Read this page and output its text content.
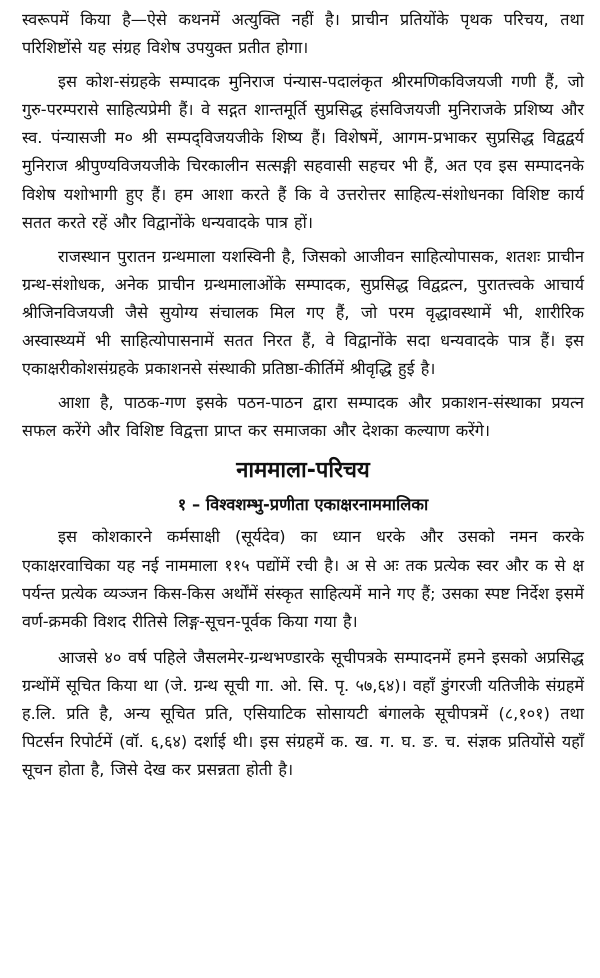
स्वरूपमें किया है—ऐसे कथनमें अत्युक्ति नहीं है। प्राचीन प्रतियोंके पृथक परिचय, तथा परिशिष्टोंसे यह संग्रह विशेष उपयुक्त प्रतीत होगा।

इस कोश-संग्रहके सम्पादक मुनिराज पंन्यास-पदालंकृत श्रीरमणिकविजयजी गणी हैं, जो गुरु-परम्परासे साहित्यप्रेमी हैं। वे सद्गत शान्तमूर्ति सुप्रसिद्ध हंसविजयजी मुनिराजके प्रशिष्य और स्व. पंन्यासजी म० श्री सम्पद्‌विजयजीके शिष्य हैं। विशेषमें, आगम-प्रभाकर सुप्रसिद्ध विद्वद्वर्य मुनिराज श्रीपुण्यविजयजीके चिरकालीन सत्सङ्गी सहवासी सहचर भी हैं, अत एव इस सम्पादनके विशेष यशोभागी हुए हैं। हम आशा करते हैं कि वे उत्तरोत्तर साहित्य-संशोधनका विशिष्ट कार्य सतत करते रहें और विद्वानोंके धन्यवादके पात्र हों।

राजस्थान पुरातन ग्रन्थमाला यशस्विनी है, जिसको आजीवन साहित्योपासक, शतशः प्राचीन ग्रन्थ-संशोधक, अनेक प्राचीन ग्रन्थमालाओंके सम्पादक, सुप्रसिद्ध विद्वद्रत्न, पुरातत्त्वके आचार्य श्रीजिनविजयजी जैसे सुयोग्य संचालक मिल गए हैं, जो परम वृद्धावस्थामें भी, शारीरिक अस्वास्थ्यमें भी साहित्योपासनामें सतत निरत हैं, वे विद्वानोंके सदा धन्यवादके पात्र हैं। इस एकाक्षरीकोशसंग्रहके प्रकाशनसे संस्थाकी प्रतिष्ठा-कीर्तिमें श्रीवृद्धि हुई है।

आशा है, पाठक-गण इसके पठन-पाठन द्वारा सम्पादक और प्रकाशन-संस्थाका प्रयत्न सफल करेंगे और विशिष्ट विद्वत्ता प्राप्त कर समाजका और देशका कल्याण करेंगे।

नाममाला-परिचय
१ – विश्वशम्भु-प्रणीता एकाक्षरनाममालिका

इस कोशकारने कर्मसाक्षी (सूर्यदेव) का ध्यान धरके और उसको नमन करके एकाक्षरवाचिका यह नई नाममाला ११५ पद्योंमें रची है। अ से अः तक प्रत्येक स्वर और क से क्ष पर्यन्त प्रत्येक व्यञ्जन किस-किस अर्थोंमें संस्कृत साहित्यमें माने गए हैं; उसका स्पष्ट निर्देश इसमें वर्ण-क्रमकी विशद रीतिसे लिङ्ग-सूचन-पूर्वक किया गया है।

आजसे ४० वर्ष पहिले जैसलमेर-ग्रन्थभण्डारके सूचीपत्रके सम्पादनमें हमने इसको अप्रसिद्ध ग्रन्थोंमें सूचित किया था (जे. ग्रन्थ सूची गा. ओ. सि. पृ. ५७,६४)। वहाँ डुंगरजी यतिजीके संग्रहमें ह.लि. प्रति है, अन्य सूचित प्रति, एसियाटिक सोसायटी बंगालके सूचीपत्रमें (८,१०१) तथा पिटर्सन रिपोर्टमें (वॉ. ६,६४) दर्शाई थी। इस संग्रहमें क. ख. ग. घ. ङ. च. संज्ञक प्रतियोंसे यहाँ सूचन होता है, जिसे देख कर प्रसन्नता होती है।
